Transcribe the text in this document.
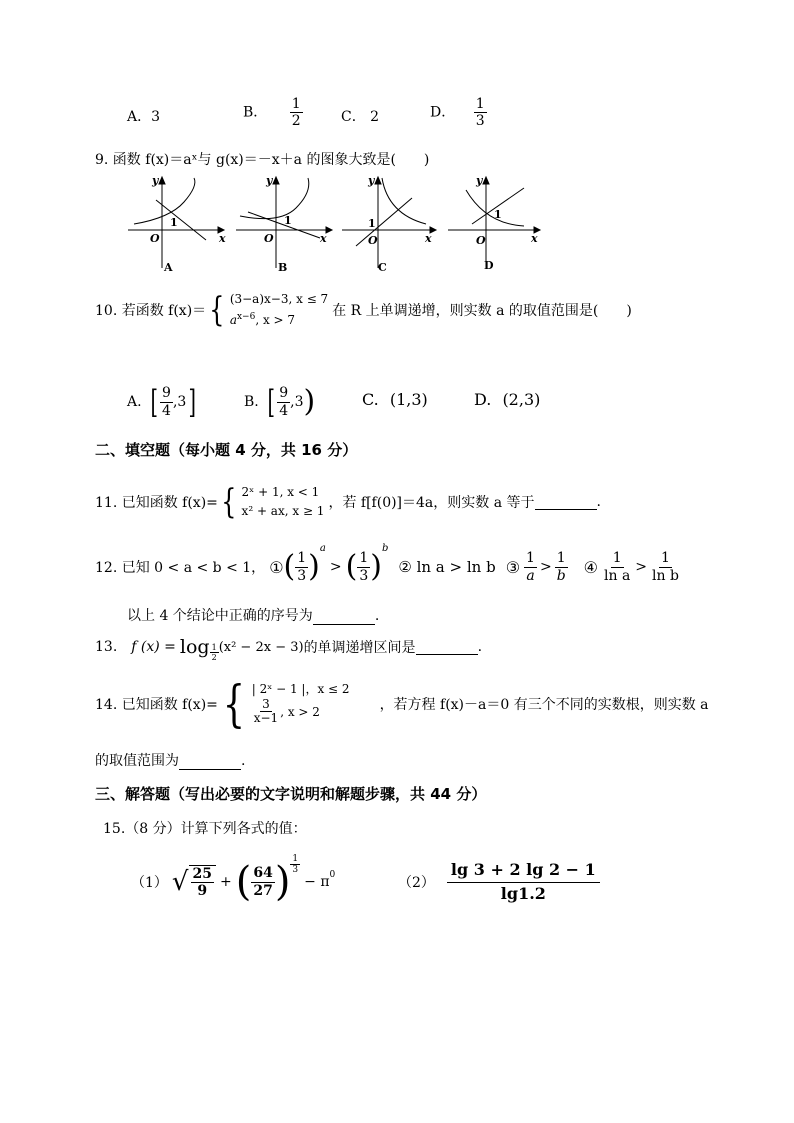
A．3	B． $\frac{1}{2}$	C． 2	D． $\frac{1}{3}$
9. 函数 f(x)＝aˣ与 g(x)＝－x＋a 的图象大致是(　　)
y
x
O
1
A
y
x
O
1
B
y
x
O
1
C
y
x
O
1
D
10. 若函数 f(x)＝ { (3−a)x−3, x ≤ 7
$a^{x-6}$, x > 7
在 R 上单调递增，则实数 a 的取值范围是(　　)
A. [ $\frac{9}{4} ,3$ ]	B. [ $\frac{9}{4} ,3$ )	C. (1,3)	D. (2,3)
二、填空题（每小题 4 分，共 16 分）
11. 已知函数 f(x)= { 2ˣ + 1, x < 1
x² + ax, x ≥ 1 ，若 f[f(0)]＝4a，则实数 a 等于	.
12. 已知 0 < a < b < 1， ① ( $\frac{1}{3}$ )
a
> ( $\frac{1}{3}$ )
b
② ln a > ln b ③ $\frac{1}{a} > \frac{1}{b}$ ④ $\frac{1}{\text{ln a}} > \frac{1}{\text{ln b}}$
以上 4 个结论中正确的序号为	.
13. f $(x) = \log \frac{1}{2} (x^2 - 2x - 3)$ 的单调递增区间是	.
14. 已知函数 f(x)= { | 2ˣ − 1 |，x ≤ 2
$\frac{3}{x-1}$ , x > 2	，若方程 f(x)－a＝0 有三个不同的实数根，则实数 a
的取值范围为	.
三、解答题（写出必要的文字说明和解题步骤，共 44 分）
15.（8 分）计算下列各式的值：
（1） √ $\frac{25}{9}$ + ( $\frac{64}{27}$ ) $\frac{1}{3}$
− π 0	$(2) \frac{\lg 3 + 2 \lg 2 - 1}{\lg 1.2}$
